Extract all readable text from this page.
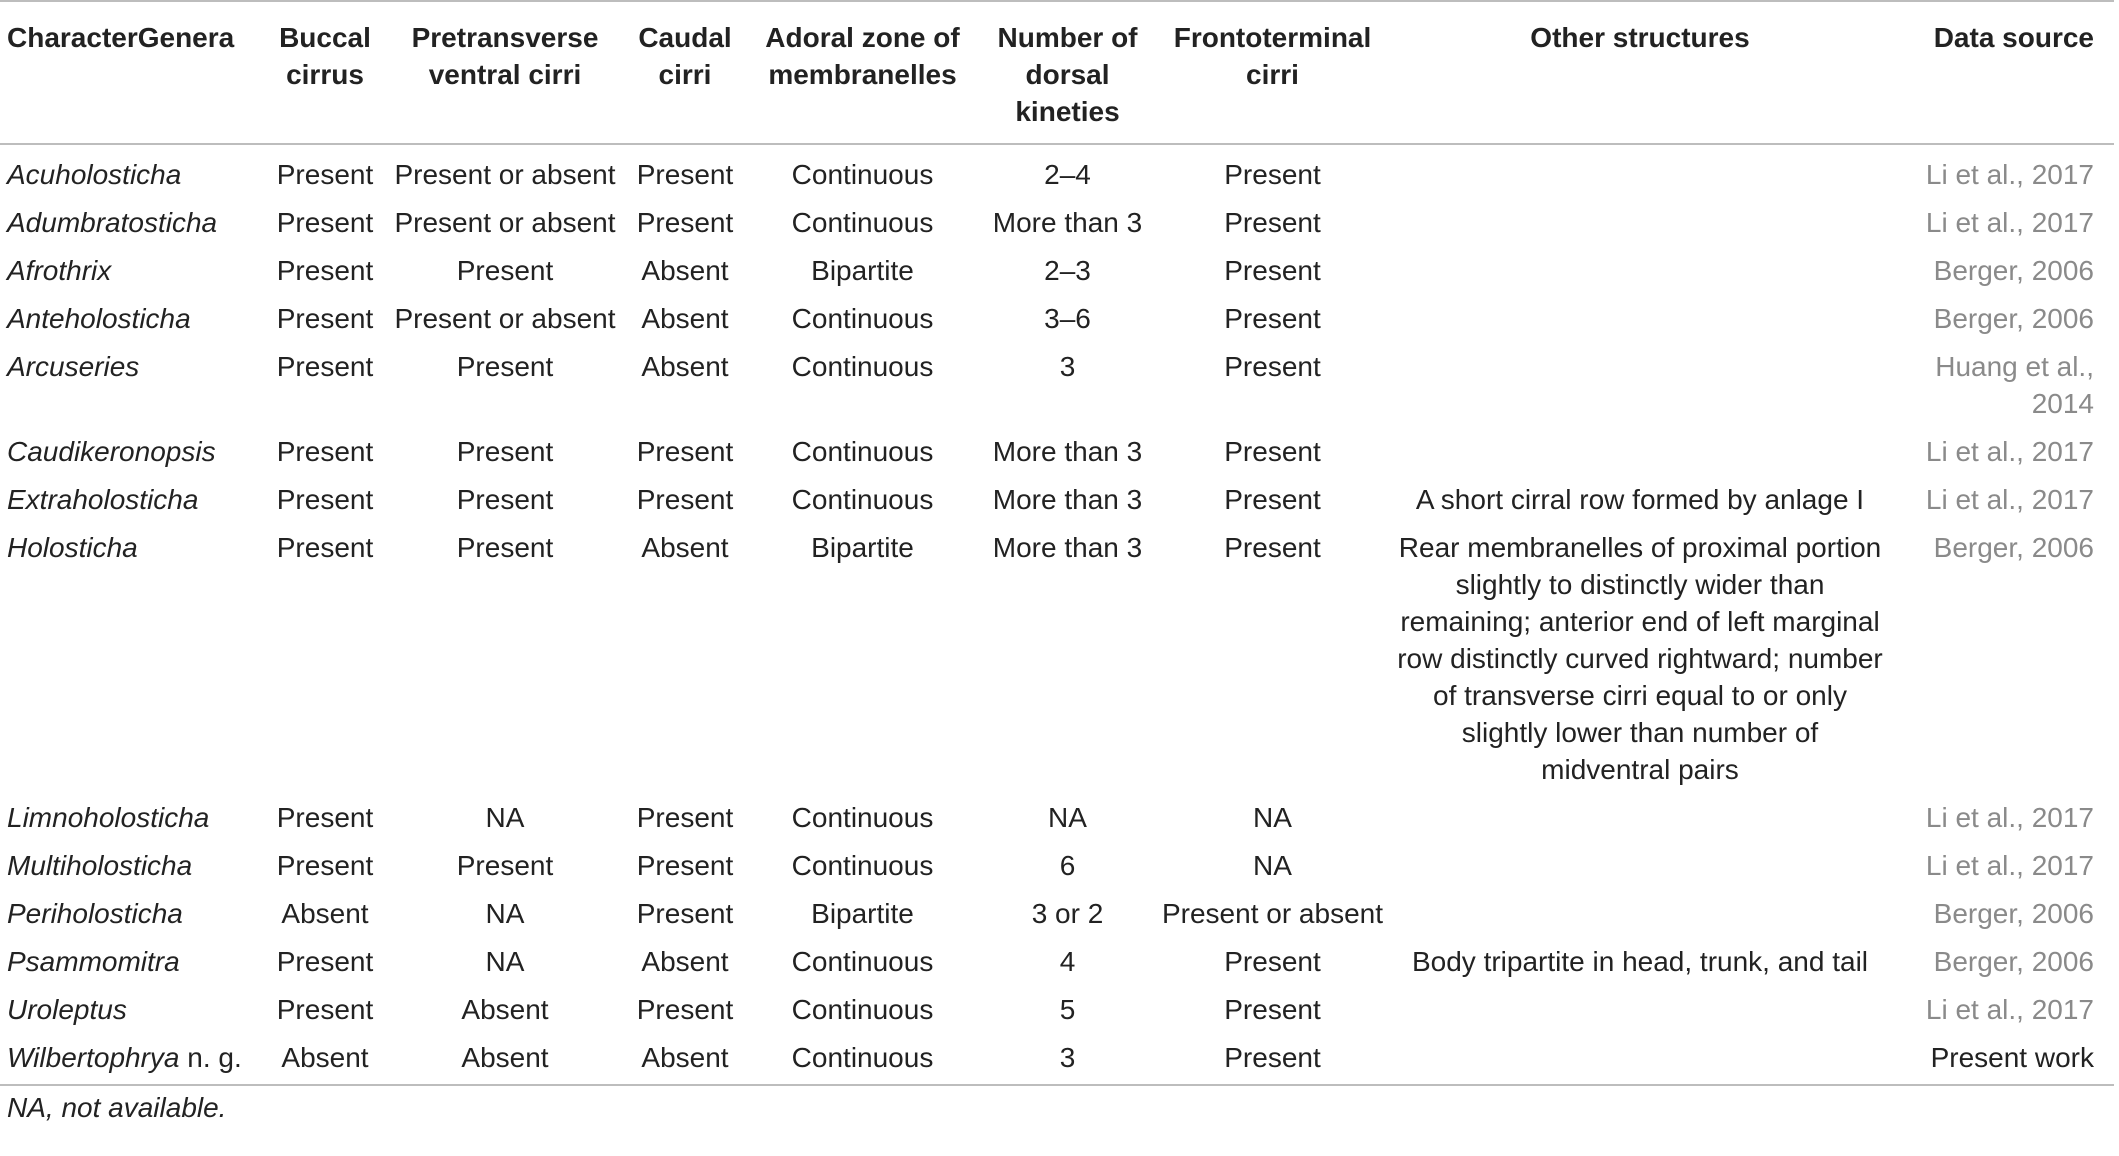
CharacterGenera	Buccal cirrus	Pretransverse ventral cirri	Caudal cirri	Adoral zone of membranelles	Number of dorsal kineties	Frontoterminal cirri	Other structures	Data source
Acuholosticha	Present	Present or absent	Present	Continuous	2–4	Present		Li et al., 2017
Adumbratosticha	Present	Present or absent	Present	Continuous	More than 3	Present		Li et al., 2017
Afrothrix	Present	Present	Absent	Bipartite	2–3	Present		Berger, 2006
Anteholosticha	Present	Present or absent	Absent	Continuous	3–6	Present		Berger, 2006
Arcuseries	Present	Present	Absent	Continuous	3	Present		Huang et al., 2014
Caudikeronopsis	Present	Present	Present	Continuous	More than 3	Present		Li et al., 2017
Extraholosticha	Present	Present	Present	Continuous	More than 3	Present	A short cirral row formed by anlage I	Li et al., 2017
Holosticha	Present	Present	Absent	Bipartite	More than 3	Present	Rear membranelles of proximal portion slightly to distinctly wider than remaining; anterior end of left marginal row distinctly curved rightward; number of transverse cirri equal to or only slightly lower than number of midventral pairs	Berger, 2006
Limnoholosticha	Present	NA	Present	Continuous	NA	NA		Li et al., 2017
Multiholosticha	Present	Present	Present	Continuous	6	NA		Li et al., 2017
Periholosticha	Absent	NA	Present	Bipartite	3 or 2	Present or absent		Berger, 2006
Psammomitra	Present	NA	Absent	Continuous	4	Present	Body tripartite in head, trunk, and tail	Berger, 2006
Uroleptus	Present	Absent	Present	Continuous	5	Present		Li et al., 2017
Wilbertophrya n. g.	Absent	Absent	Absent	Continuous	3	Present		Present work
NA, not available.
